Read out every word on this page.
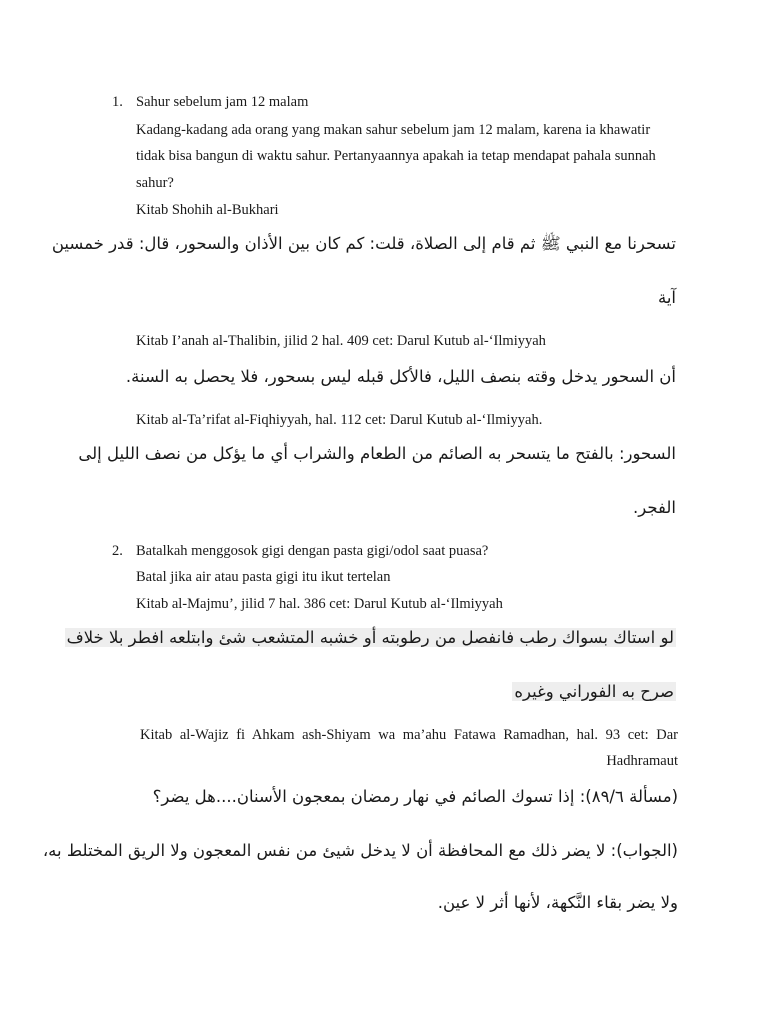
1. Sahur sebelum jam 12 malam
Kadang-kadang ada orang yang makan sahur sebelum jam 12 malam, karena ia khawatir
tidak bisa bangun di waktu sahur. Pertanyaannya apakah ia tetap mendapat pahala sunnah
sahur?
Kitab Shohih al-Bukhari
تسحرنا مع النبي ﷺ ثم قام إلى الصلاة، قلت: كم كان بين الأذان والسحور، قال: قدر خمسين
آية
Kitab I’anah al-Thalibin, jilid 2 hal. 409 cet: Darul Kutub al-‘Ilmiyyah
أن السحور يدخل وقته بنصف الليل، فالأكل قبله ليس بسحور، فلا يحصل به السنة.
Kitab al-Ta’rifat al-Fiqhiyyah, hal. 112 cet: Darul Kutub al-‘Ilmiyyah.
السحور: بالفتح ما يتسحر به الصائم من الطعام والشراب أي ما يؤكل من نصف الليل إلى
الفجر.
2. Batalkah menggosok gigi dengan pasta gigi/odol saat puasa?
Batal jika air atau pasta gigi itu ikut tertelan
Kitab al-Majmu’, jilid 7 hal. 386 cet: Darul Kutub al-‘Ilmiyyah
لو استاك بسواك رطب فانفصل من رطوبته أو خشبه المتشعب شئ وابتلعه افطر بلا خلاف
صرح به الفوراني وغيره
Kitab al-Wajiz fi Ahkam ash-Shiyam wa ma’ahu Fatawa Ramadhan, hal. 93 cet: Dar
Hadhramaut
(مسألة ٨٩/٦): إذا تسوك الصائم في نهار رمضان بمعجون الأسنان....هل يضر؟
(الجواب): لا يضر ذلك مع المحافظة أن لا يدخل شيئ من نفس المعجون ولا الريق المختلط به،
ولا يضر بقاء النَّكهة، لأنها أثر لا عين.
